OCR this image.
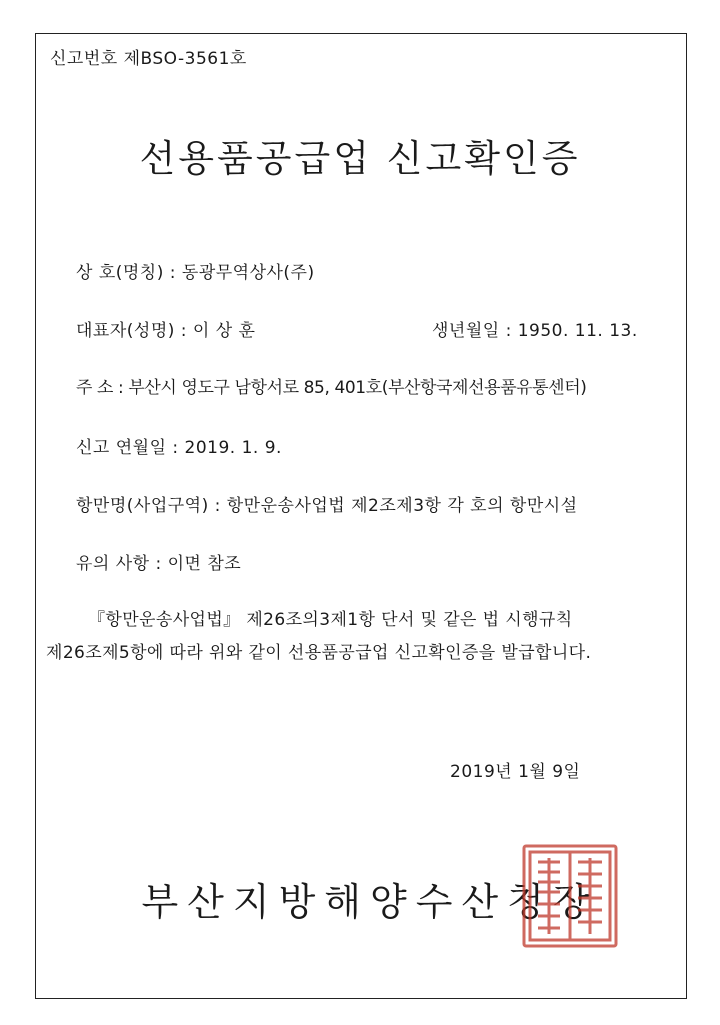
신고번호 제BSO-3561호
선용품공급업 신고확인증
상 호(명칭) : 동광무역상사(주)
대표자(성명) : 이 상 훈	생년월일 : 1950. 11. 13.
주 소 : 부산시 영도구 남항서로 85, 401호(부산항국제선용품유통센터)
신고 연월일 : 2019. 1. 9.
항만명(사업구역) : 항만운송사업법 제2조제3항 각 호의 항만시설
유의 사항 : 이면 참조
『항만운송사업법』 제26조의3제1항 단서 및 같은 법 시행규칙
제26조제5항에 따라 위와 같이 선용품공급업 신고확인증을 발급합니다.
2019년 1월 9일
부산지방해양수산청장
